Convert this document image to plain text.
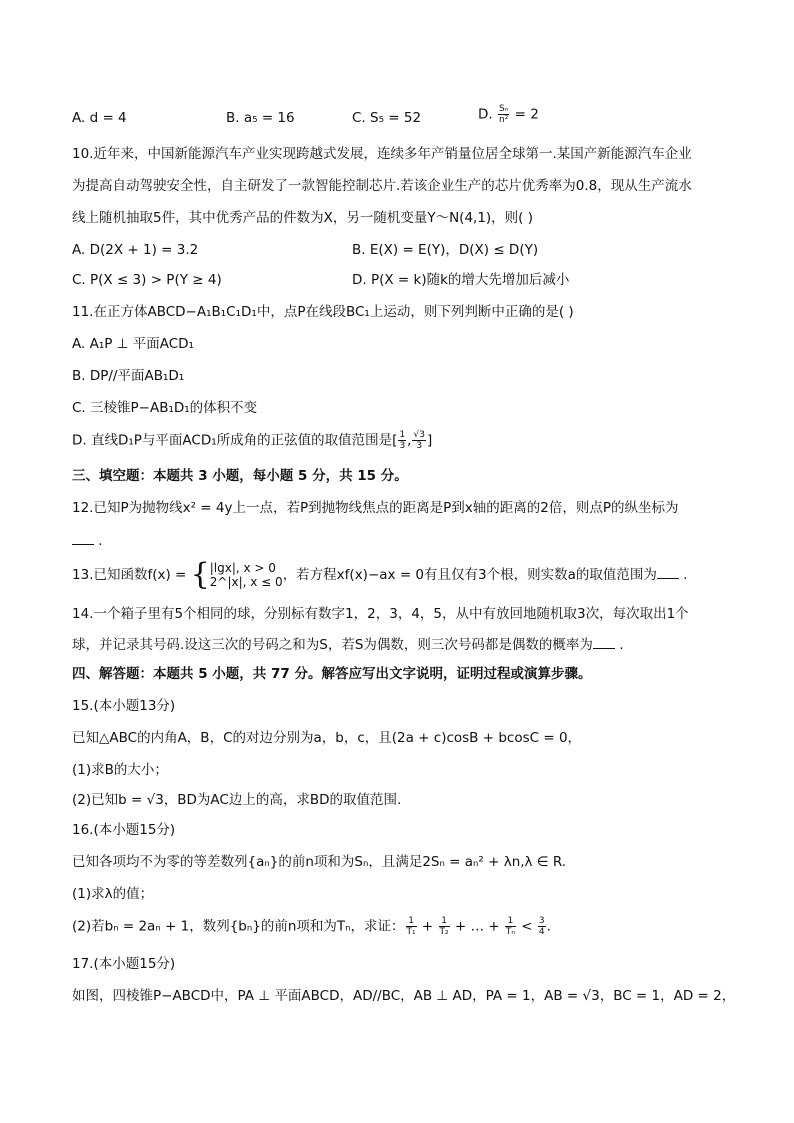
A. d = 4	B. a₅ = 16	C. S₅ = 52	D. $\frac{\text{Sₙ}}{\text{n²}} = 2$
10.近年来，中国新能源汽车产业实现跨越式发展，连续多年产销量位居全球第一.某国产新能源汽车企业
为提高自动驾驶安全性，自主研发了一款智能控制芯片.若该企业生产的芯片优秀率为0.8，现从生产流水
线上随机抽取5件，其中优秀产品的件数为X，另一随机变量Y～N(4,1)，则( )
A. D(2X + 1) = 3.2	B. E(X) = E(Y)，D(X) ≤ D(Y)
C. P(X ≤ 3) > P(Y ≥ 4)	D. P(X = k)随k的增大先增加后减小
11.在正方体ABCD−A₁B₁C₁D₁中，点P在线段BC₁上运动，则下列判断中正确的是( )
A. A₁P ⊥ 平面ACD₁
B. DP//平面AB₁D₁
C. 三棱锥P−AB₁D₁的体积不变
D. 直线D₁P与平面ACD₁所成角的正弦值的取值范围是[ $\frac{1}{3}$ , $\frac{√3}{3}$ ]
三、填空题：本题共 3 小题，每小题 5 分，共 15 分。
12.已知P为抛物线x² = 4y上一点，若P到抛物线焦点的距离是P到x轴的距离的2倍，则点P的纵坐标为
.
13.已知函数f(x) = { |lgx|, x > 0
2^|x|, x ≤ 0 ，若方程xf(x)−ax = 0有且仅有3个根，则实数a的取值范围为 .
14.一个箱子里有5个相同的球，分别标有数字1，2，3，4，5，从中有放回地随机取3次，每次取出1个
球，并记录其号码.设这三次的号码之和为S，若S为偶数，则三次号码都是偶数的概率为 .
四、解答题：本题共 5 小题，共 77 分。解答应写出文字说明，证明过程或演算步骤。
15.(本小题13分)
已知△ABC的内角A，B，C的对边分别为a，b，c，且(2a + c)cosB + bcosC = 0，
(1)求B的大小；
(2)已知b = √3，BD为AC边上的高，求BD的取值范围.
16.(本小题15分)
已知各项均不为零的等差数列{aₙ}的前n项和为Sₙ，且满足2Sₙ = aₙ² + λn,λ ∈ R.
(1)求λ的值；
(2)若bₙ = 2aₙ + 1，数列{bₙ}的前n项和为Tₙ，求证： $\frac{1}{\text{T₁}} + \frac{1}{\text{T₂}}$ + … + $\frac{1}{\text{Tₙ}} < \frac{3}{4}$ .
17.(本小题15分)
如图，四棱锥P−ABCD中，PA ⊥ 平面ABCD，AD//BC，AB ⊥ AD，PA = 1，AB = √3，BC = 1，AD = 2，
